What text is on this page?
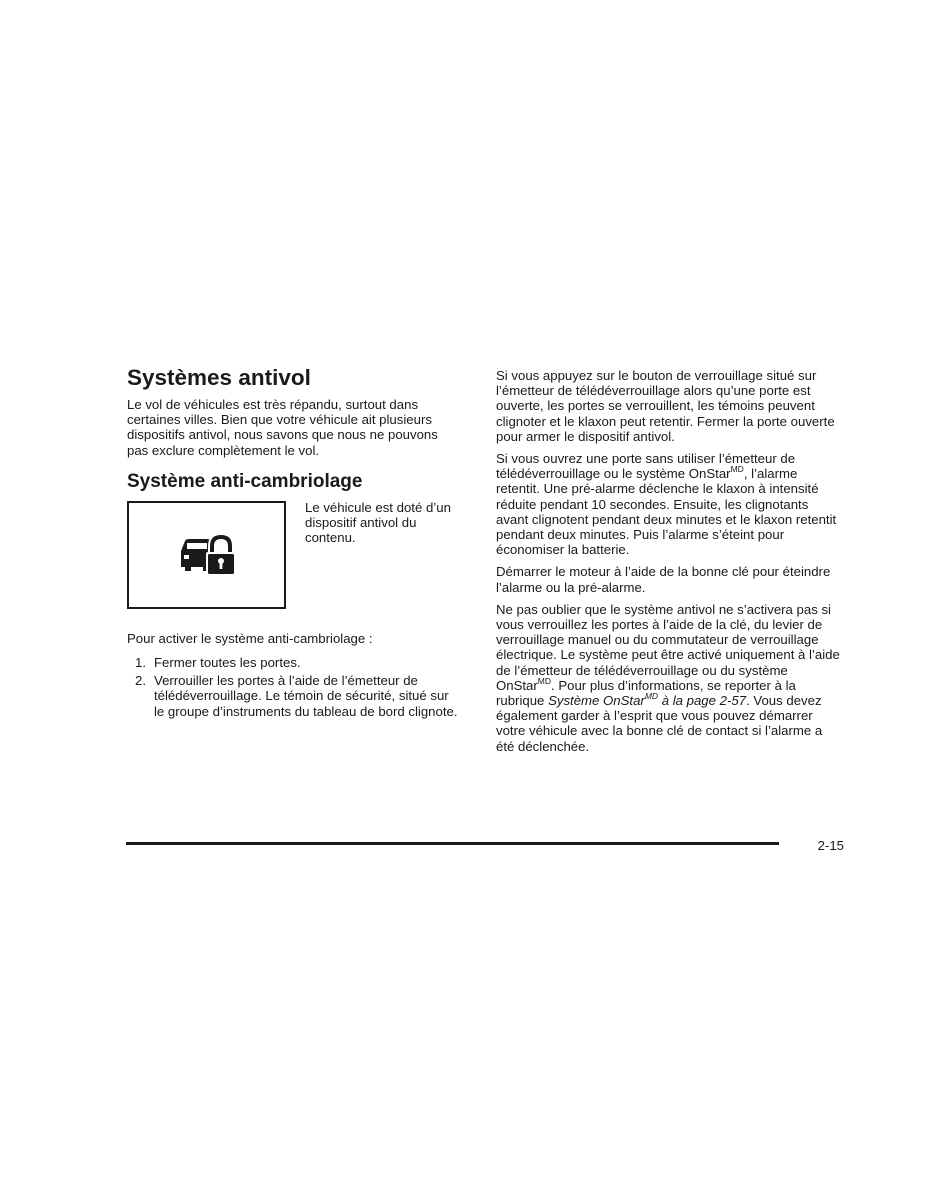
Systèmes antivol

Le vol de véhicules est très répandu, surtout dans certaines villes. Bien que votre véhicule ait plusieurs dispositifs antivol, nous savons que nous ne pouvons pas exclure complètement le vol.

Système anti-cambriolage
Le véhicule est doté d’un dispositif antivol du contenu.

Pour activer le système anti-cambriolage :

1. Fermer toutes les portes.
2. Verrouiller les portes à l’aide de l’émetteur de télédéverrouillage. Le témoin de sécurité, situé sur le groupe d’instruments du tableau de bord clignote.

Si vous appuyez sur le bouton de verrouillage situé sur l’émetteur de télédéverrouillage alors qu’une porte est ouverte, les portes se verrouillent, les témoins peuvent clignoter et le klaxon peut retentir. Fermer la porte ouverte pour armer le dispositif antivol.

Si vous ouvrez une porte sans utiliser l’émetteur de télédéverrouillage ou le système OnStar$^{MD}$, l’alarme retentit. Une pré-alarme déclenche le klaxon à intensité réduite pendant 10 secondes. Ensuite, les clignotants avant clignotent pendant deux minutes et le klaxon retentit pendant deux minutes. Puis l’alarme s’éteint pour économiser la batterie.

Démarrer le moteur à l’aide de la bonne clé pour éteindre l’alarme ou la pré-alarme.

Ne pas oublier que le système antivol ne s’activera pas si vous verrouillez les portes à l’aide de la clé, du levier de verrouillage manuel ou du commutateur de verrouillage électrique. Le système peut être activé uniquement à l’aide de l’émetteur de télédéverrouillage ou du système OnStar$^{MD}$. Pour plus d’informations, se reporter à la rubrique Système OnStar$^{MD}$ à la page 2-57. Vous devez également garder à l’esprit que vous pouvez démarrer votre véhicule avec la bonne clé de contact si l’alarme a été déclenchée.

2-15
